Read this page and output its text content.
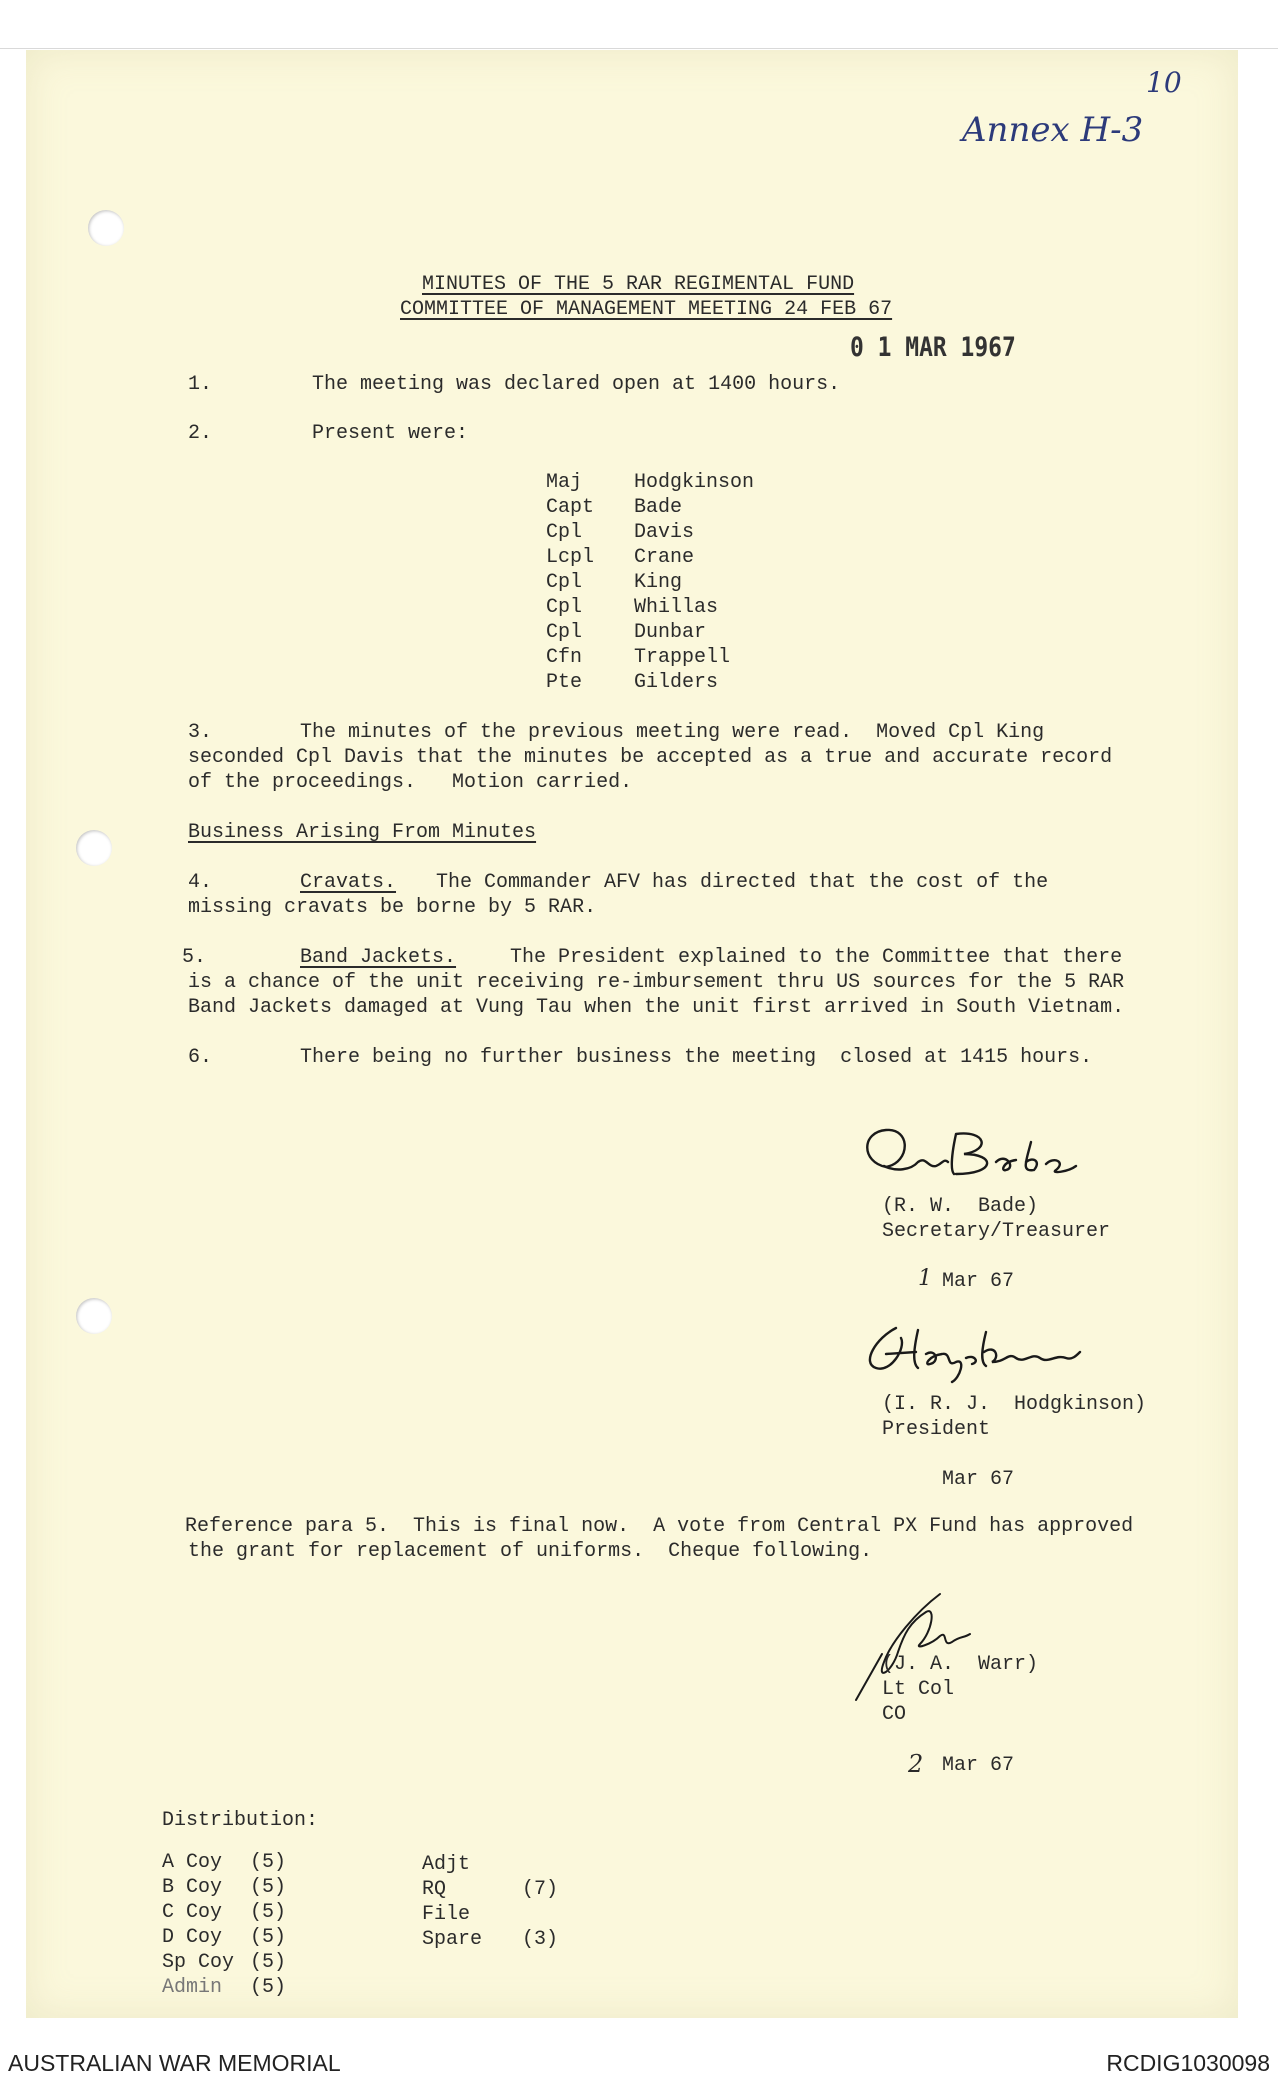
10
Annex H-3
MINUTES OF THE 5 RAR REGIMENTAL FUND
COMMITTEE OF MANAGEMENT MEETING 24 FEB 67
0 1 MAR 1967
1.	The meeting was declared open at 1400 hours.
2.	Present were:
Maj	Hodgkinson
Capt Bade
Cpl	Davis
Lcpl Crane
Cpl	King
Cpl	Whillas
Cpl	Dunbar
Cfn	Trappell
Pte	Gilders
3.	The minutes of the previous meeting were read.  Moved Cpl King
seconded Cpl Davis that the minutes be accepted as a true and accurate record
of the proceedings.   Motion carried.
Business Arising From Minutes
4.	Cravats. The Commander AFV has directed that the cost of the
missing cravats be borne by 5 RAR.
5.	Band Jackets.	The President explained to the Committee that there
is a chance of the unit receiving re-imbursement thru US sources for the 5 RAR
Band Jackets damaged at Vung Tau when the unit first arrived in South Vietnam.
6.	There being no further business the meeting  closed at 1415 hours.
(R. W.  Bade)
Secretary/Treasurer
1 Mar 67
(I. R. J.  Hodgkinson)
President
Mar 67
Reference para 5.  This is final now.  A vote from Central PX Fund has approved
the grant for replacement of uniforms.  Cheque following.
(J. A.  Warr)
Lt Col
CO
2 Mar 67
Distribution:
A Coy (5)
B Coy (5)
C Coy (5)
D Coy (5)
Sp Coy (5)
Admin (5)
Adjt
RQ	(7)
File
Spare (3)
AUSTRALIAN WAR MEMORIAL	RCDIG1030098
